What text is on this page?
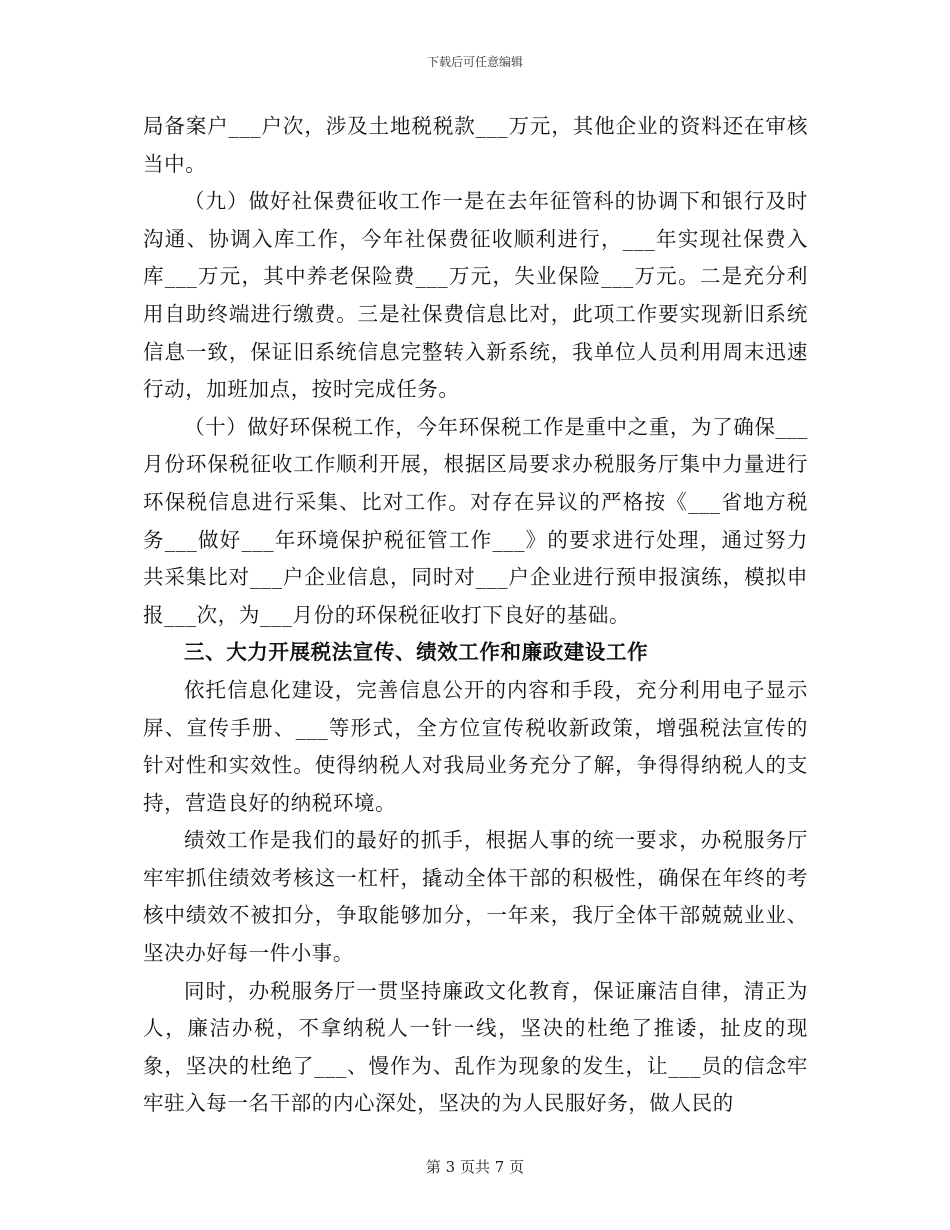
下载后可任意编辑

局备案户___户次，涉及土地税税款___万元，其他企业的资料还在审核当中。

（九）做好社保费征收工作一是在去年征管科的协调下和银行及时沟通、协调入库工作，今年社保费征收顺利进行，___年实现社保费入库___万元，其中养老保险费___万元，失业保险___万元。二是充分利用自助终端进行缴费。三是社保费信息比对，此项工作要实现新旧系统信息一致，保证旧系统信息完整转入新系统，我单位人员利用周末迅速行动，加班加点，按时完成任务。

（十）做好环保税工作，今年环保税工作是重中之重，为了确保___月份环保税征收工作顺利开展，根据区局要求办税服务厅集中力量进行环保税信息进行采集、比对工作。对存在异议的严格按《___省地方税务___做好___年环境保护税征管工作___》的要求进行处理，通过努力共采集比对___户企业信息，同时对___户企业进行预申报演练，模拟申报___次，为___月份的环保税征收打下良好的基础。

三、大力开展税法宣传、绩效工作和廉政建设工作

依托信息化建设，完善信息公开的内容和手段，充分利用电子显示屏、宣传手册、___等形式，全方位宣传税收新政策，增强税法宣传的针对性和实效性。使得纳税人对我局业务充分了解，争得得纳税人的支持，营造良好的纳税环境。

绩效工作是我们的最好的抓手，根据人事的统一要求，办税服务厅牢牢抓住绩效考核这一杠杆，撬动全体干部的积极性，确保在年终的考核中绩效不被扣分，争取能够加分，一年来，我厅全体干部兢兢业业、坚决办好每一件小事。

同时，办税服务厅一贯坚持廉政文化教育，保证廉洁自律，清正为人，廉洁办税，不拿纳税人一针一线，坚决的杜绝了推诿，扯皮的现象，坚决的杜绝了___、慢作为、乱作为现象的发生，让___员的信念牢牢驻入每一名干部的内心深处，坚决的为人民服好务，做人民的

第 3 页共 7 页
